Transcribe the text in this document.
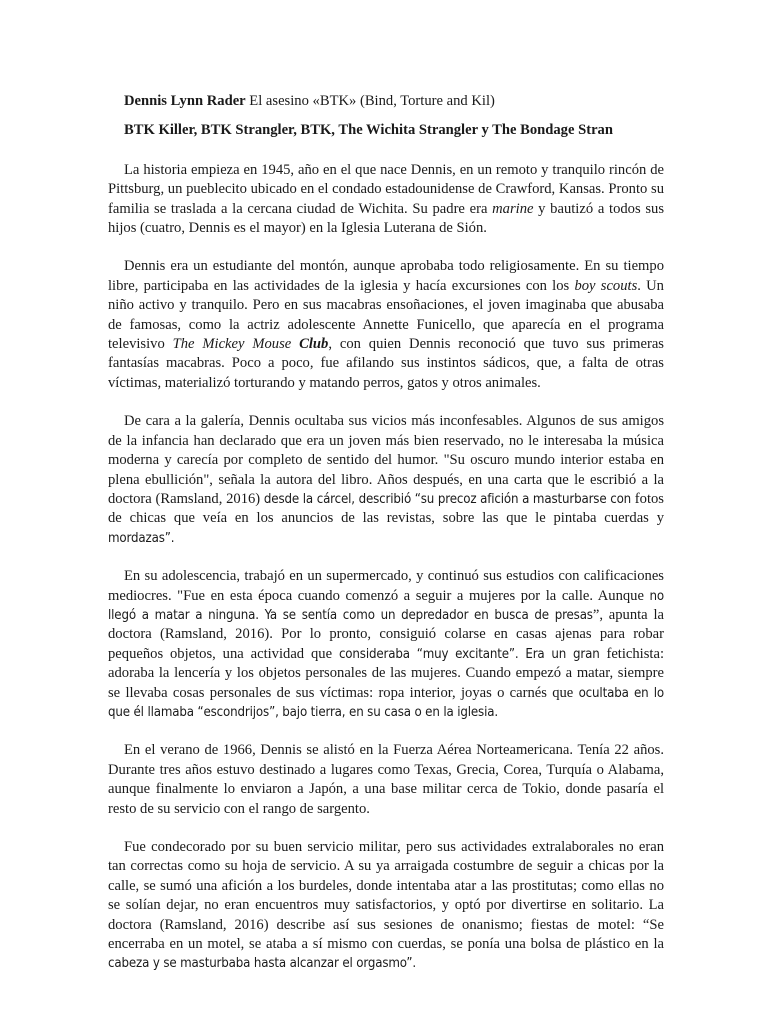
Dennis Lynn Rader El asesino «BTK» (Bind, Torture and Kil)
BTK Killer, BTK Strangler, BTK, The Wichita Strangler y The Bondage Stran

La historia empieza en 1945, año en el que nace Dennis, en un remoto y tranquilo rincón de Pittsburg, un pueblecito ubicado en el condado estadounidense de Crawford, Kansas. Pronto su familia se traslada a la cercana ciudad de Wichita. Su padre era marine y bautizó a todos sus hijos (cuatro, Dennis es el mayor) en la Iglesia Luterana de Sión.

Dennis era un estudiante del montón, aunque aprobaba todo religiosamente. En su tiempo libre, participaba en las actividades de la iglesia y hacía excursiones con los boy scouts. Un niño activo y tranquilo. Pero en sus macabras ensoñaciones, el joven imaginaba que abusaba de famosas, como la actriz adolescente Annette Funicello, que aparecía en el programa televisivo The Mickey Mouse Club, con quien Dennis reconoció que tuvo sus primeras fantasías macabras. Poco a poco, fue afilando sus instintos sádicos, que, a falta de otras víctimas, materializó torturando y matando perros, gatos y otros animales.

De cara a la galería, Dennis ocultaba sus vicios más inconfesables. Algunos de sus amigos de la infancia han declarado que era un joven más bien reservado, no le interesaba la música moderna y carecía por completo de sentido del humor. "Su oscuro mundo interior estaba en plena ebullición", señala la autora del libro. Años después, en una carta que le escribió a la doctora (Ramsland, 2016) desde la cárcel, describió “su precoz afición a masturbarse con fotos de chicas que veía en los anuncios de las revistas, sobre las que le pintaba cuerdas y mordazas”.

En su adolescencia, trabajó en un supermercado, y continuó sus estudios con calificaciones mediocres. "Fue en esta época cuando comenzó a seguir a mujeres por la calle. Aunque no llegó a matar a ninguna. Ya se sentía como un depredador en busca de presas”, apunta la doctora (Ramsland, 2016). Por lo pronto, consiguió colarse en casas ajenas para robar pequeños objetos, una actividad que consideraba “muy excitante”. Era un gran fetichista: adoraba la lencería y los objetos personales de las mujeres. Cuando empezó a matar, siempre se llevaba cosas personales de sus víctimas: ropa interior, joyas o carnés que ocultaba en lo que él llamaba “escondrijos”, bajo tierra, en su casa o en la iglesia.

En el verano de 1966, Dennis se alistó en la Fuerza Aérea Norteamericana. Tenía 22 años. Durante tres años estuvo destinado a lugares como Texas, Grecia, Corea, Turquía o Alabama, aunque finalmente lo enviaron a Japón, a una base militar cerca de Tokio, donde pasaría el resto de su servicio con el rango de sargento.

Fue condecorado por su buen servicio militar, pero sus actividades extralaborales no eran tan correctas como su hoja de servicio. A su ya arraigada costumbre de seguir a chicas por la calle, se sumó una afición a los burdeles, donde intentaba atar a las prostitutas; como ellas no se solían dejar, no eran encuentros muy satisfactorios, y optó por divertirse en solitario. La doctora (Ramsland, 2016) describe así sus sesiones de onanismo; fiestas de motel: “Se encerraba en un motel, se ataba a sí mismo con cuerdas, se ponía una bolsa de plástico en la cabeza y se masturbaba hasta alcanzar el orgasmo”.
